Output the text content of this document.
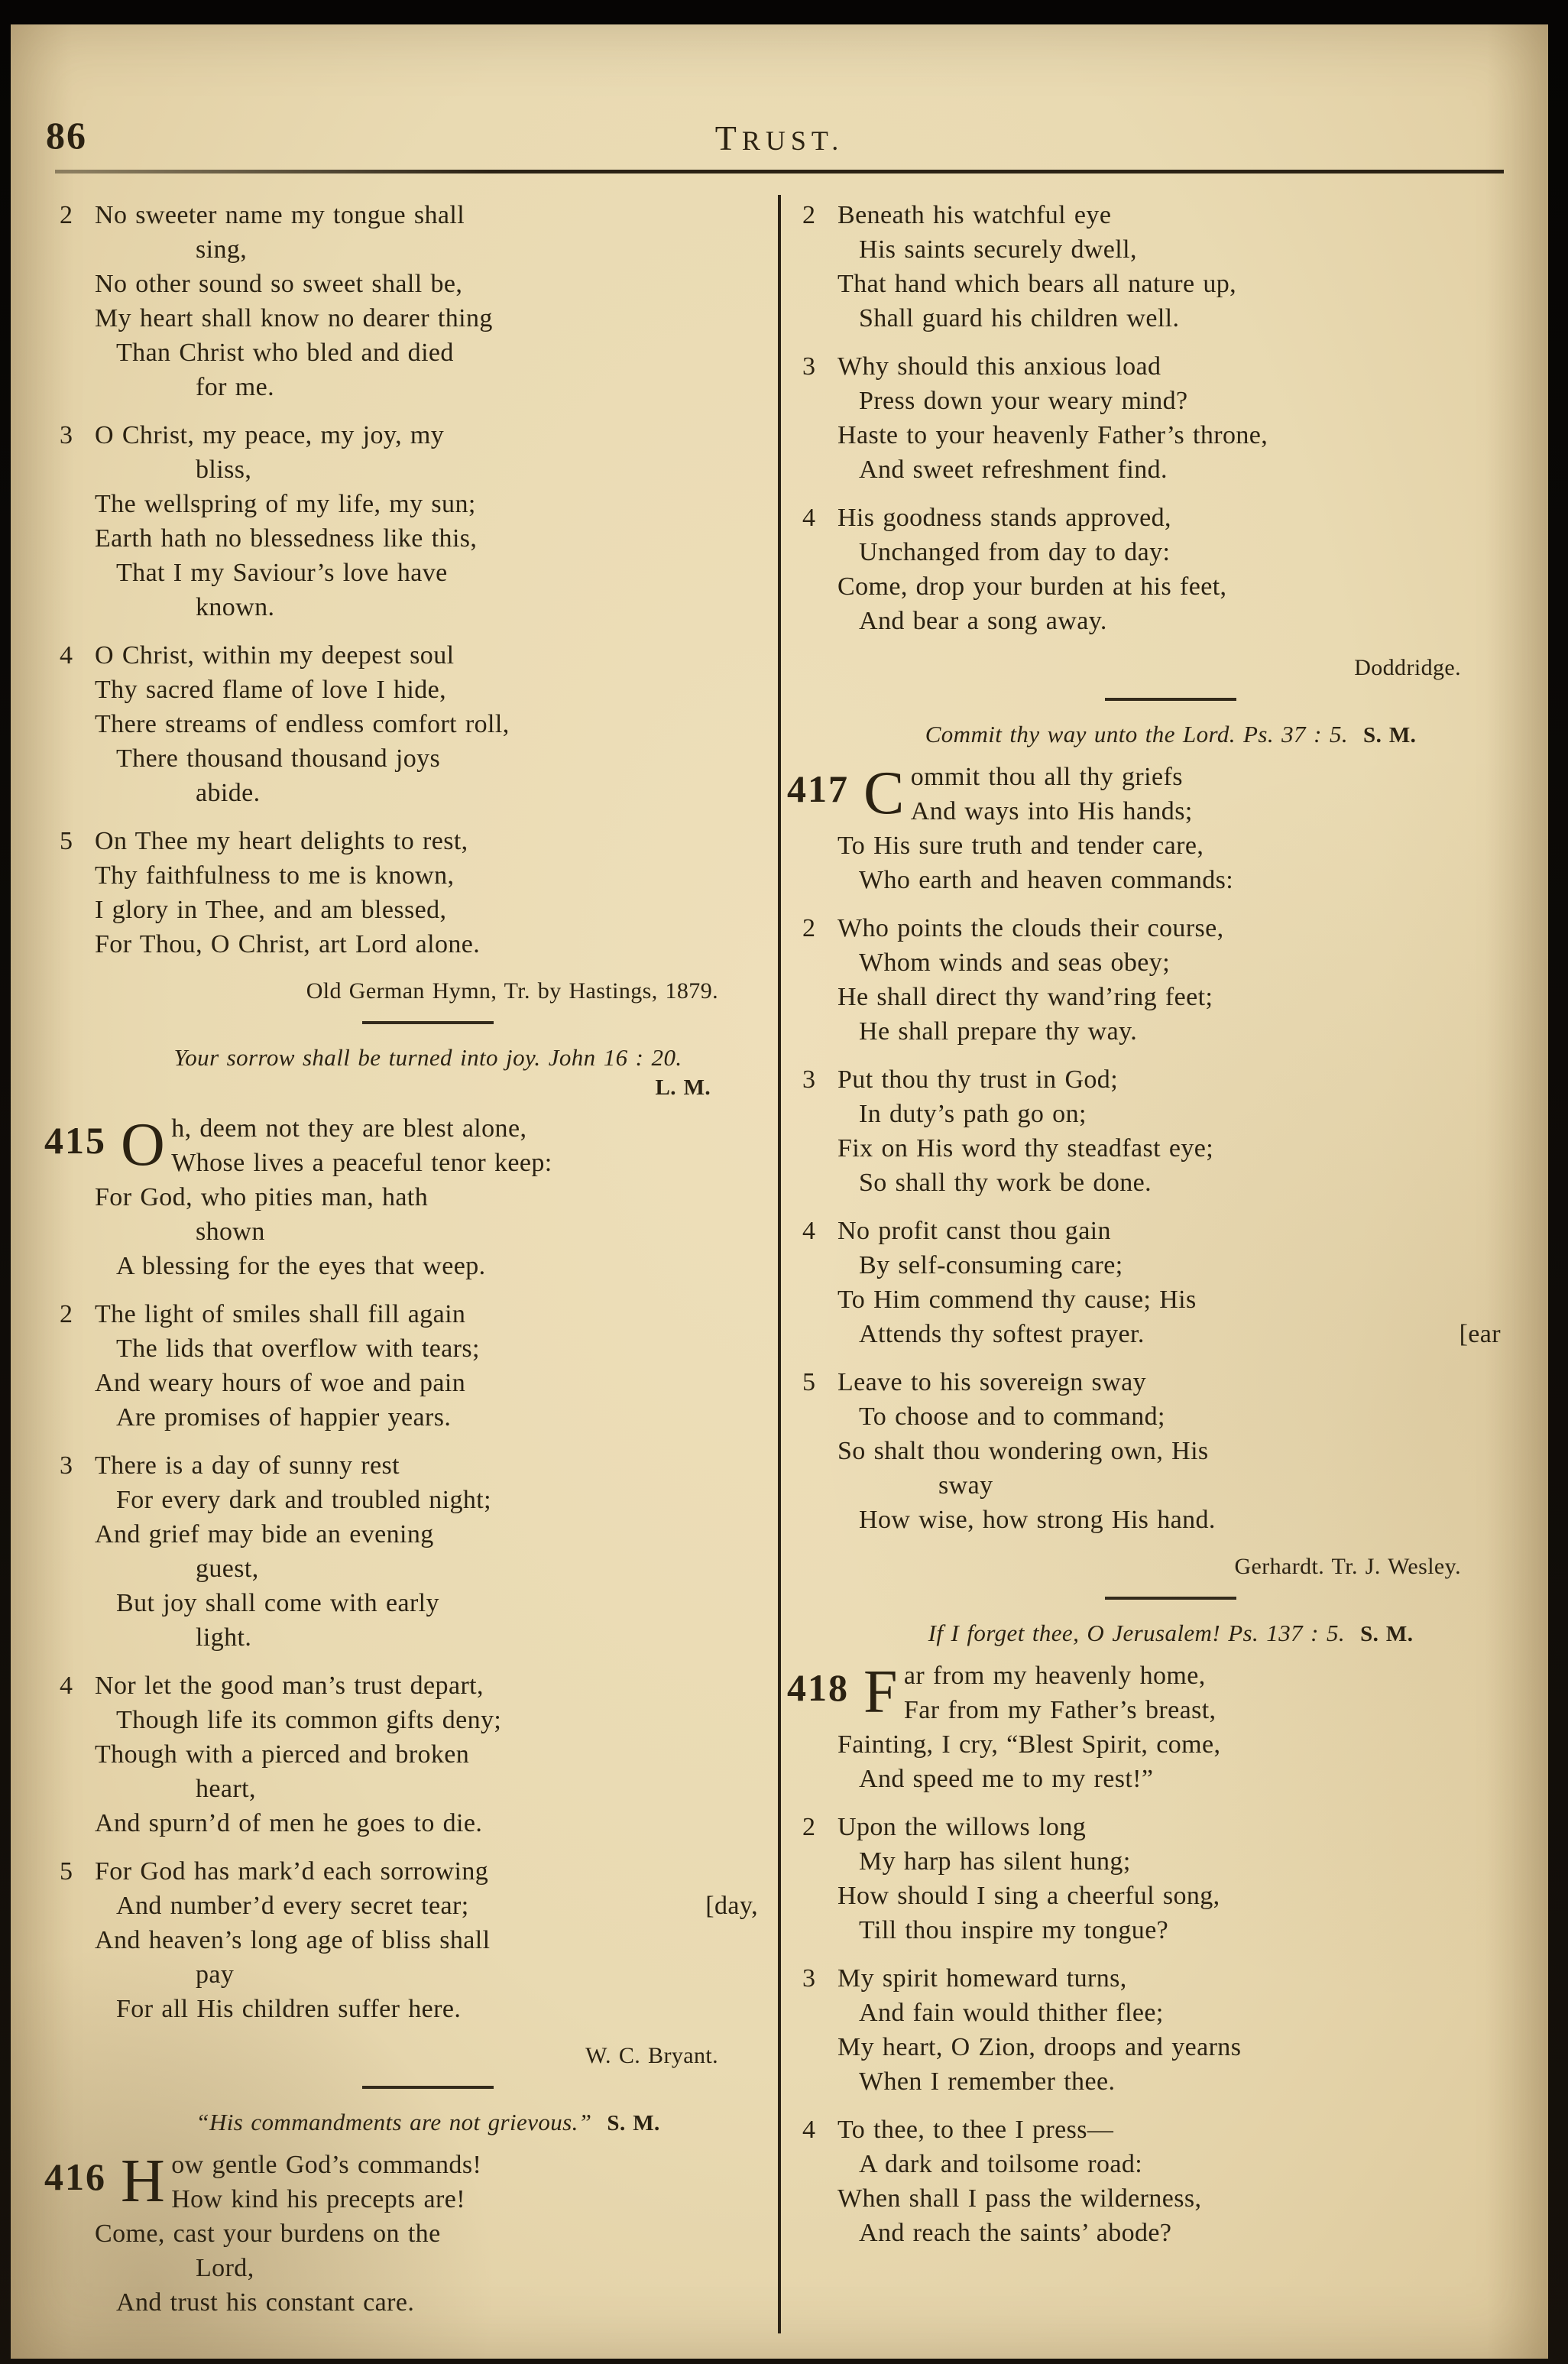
86	TRUST.
2 No sweeter name my tongue shall
sing,
No other sound so sweet shall be,
My heart shall know no dearer thing
Than Christ who bled and died
for me.
3 O Christ, my peace, my joy, my
bliss,
The wellspring of my life, my sun;
Earth hath no blessedness like this,
That I my Saviour’s love have
known.
4 O Christ, within my deepest soul
Thy sacred flame of love I hide,
There streams of endless comfort roll,
There thousand thousand joys
abide.
5 On Thee my heart delights to rest,
Thy faithfulness to me is known,
I glory in Thee, and am blessed,
For Thou, O Christ, art Lord alone.
Old German Hymn, Tr. by Hastings, 1879.
Your sorrow shall be turned into joy. John 16 : 20.
L. M.
415 O h, deem not they are blest alone,
Whose lives a peaceful tenor keep:
For God, who pities man, hath
shown
A blessing for the eyes that weep.
2 The light of smiles shall fill again
The lids that overflow with tears;
And weary hours of woe and pain
Are promises of happier years.
3 There is a day of sunny rest
For every dark and troubled night;
And grief may bide an evening
guest,
But joy shall come with early
light.
4 Nor let the good man’s trust depart,
Though life its common gifts deny;
Though with a pierced and broken
heart,
And spurn’d of men he goes to die.
5 For God has mark’d each sorrowing
And number’d every secret tear;	[day,
And heaven’s long age of bliss shall
pay
For all His children suffer here.
W. C. Bryant.
“His commandments are not grievous.” S. M.
416 H ow gentle God’s commands!
How kind his precepts are!
Come, cast your burdens on the
Lord,
And trust his constant care.
2 Beneath his watchful eye
His saints securely dwell,
That hand which bears all nature up,
Shall guard his children well.
3 Why should this anxious load
Press down your weary mind?
Haste to your heavenly Father’s throne,
And sweet refreshment find.
4 His goodness stands approved,
Unchanged from day to day:
Come, drop your burden at his feet,
And bear a song away.
Doddridge.
Commit thy way unto the Lord. Ps. 37 : 5. S. M.
417 C ommit thou all thy griefs
And ways into His hands;
To His sure truth and tender care,
Who earth and heaven commands:
2 Who points the clouds their course,
Whom winds and seas obey;
He shall direct thy wand’ring feet;
He shall prepare thy way.
3 Put thou thy trust in God;
In duty’s path go on;
Fix on His word thy steadfast eye;
So shall thy work be done.
4 No profit canst thou gain
By self-consuming care;
To Him commend thy cause; His
Attends thy softest prayer.	[ear
5 Leave to his sovereign sway
To choose and to command;
So shalt thou wondering own, His
sway
How wise, how strong His hand.
Gerhardt. Tr. J. Wesley.
If I forget thee, O Jerusalem! Ps. 137 : 5. S. M.
418 F ar from my heavenly home,
Far from my Father’s breast,
Fainting, I cry, “Blest Spirit, come,
And speed me to my rest!”
2 Upon the willows long
My harp has silent hung;
How should I sing a cheerful song,
Till thou inspire my tongue?
3 My spirit homeward turns,
And fain would thither flee;
My heart, O Zion, droops and yearns
When I remember thee.
4 To thee, to thee I press—
A dark and toilsome road:
When shall I pass the wilderness,
And reach the saints’ abode?
